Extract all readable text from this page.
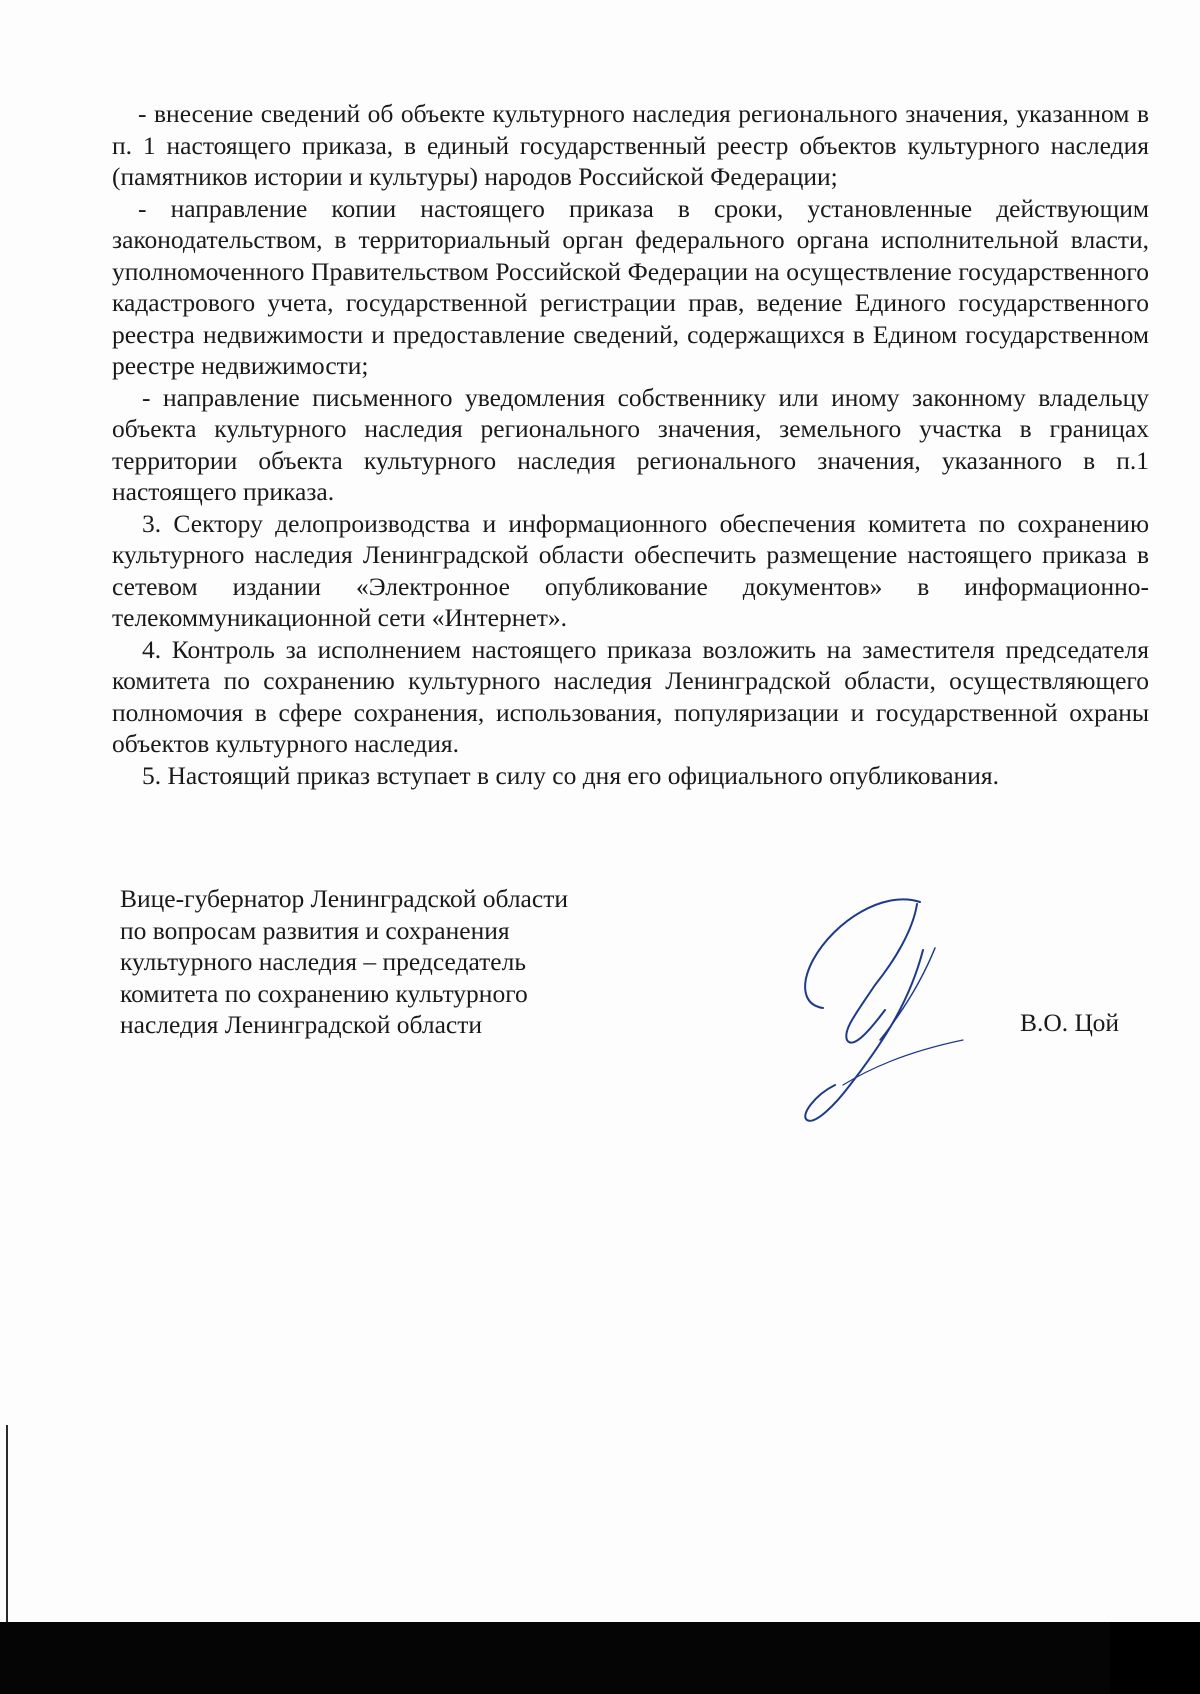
- внесение сведений об объекте культурного наследия регионального значения, указанном в п. 1 настоящего приказа, в единый государственный реестр объектов культурного наследия (памятников истории и культуры) народов Российской Федерации;

- направление копии настоящего приказа в сроки, установленные действующим законодательством, в территориальный орган федерального органа исполнительной власти, уполномоченного Правительством Российской Федерации на осуществление государственного кадастрового учета, государственной регистрации прав, ведение Единого государственного реестра недвижимости и предоставление сведений, содержащихся в Едином государственном реестре недвижимости;

- направление письменного уведомления собственнику или иному законному владельцу объекта культурного наследия регионального значения, земельного участка в границах территории объекта культурного наследия регионального значения, указанного в п.1 настоящего приказа.

3. Сектору делопроизводства и информационного обеспечения комитета по сохранению культурного наследия Ленинградской области обеспечить размещение настоящего приказа в сетевом издании «Электронное опубликование документов» в информационно-телекоммуникационной сети «Интернет».

4. Контроль за исполнением настоящего приказа возложить на заместителя председателя комитета по сохранению культурного наследия Ленинградской области, осуществляющего полномочия в сфере сохранения, использования, популяризации и государственной охраны объектов культурного наследия.

5. Настоящий приказ вступает в силу со дня его официального опубликования.

Вице-губернатор Ленинградской области
по вопросам развития и сохранения
культурного наследия – председатель
комитета по сохранению культурного
наследия Ленинградской области	В.О. Цой
